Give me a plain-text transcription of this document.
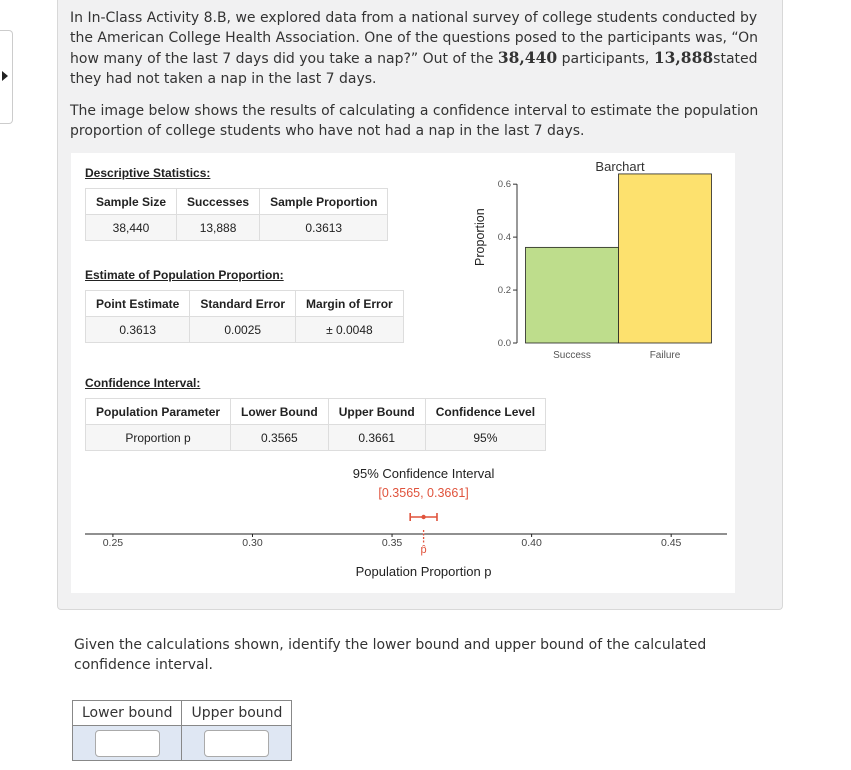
In In-Class Activity 8.B, we explored data from a national survey of college students conducted by the American College Health Association. One of the questions posed to the participants was, “On how many of the last 7 days did you take a nap?” Out of the 38,440 participants, 13,888stated they had not taken a nap in the last 7 days.

The image below shows the results of calculating a confidence interval to estimate the population proportion of college students who have not had a nap in the last 7 days.

Descriptive Statistics:
Sample Size	Successes	Sample Proportion
38,440	13,888	0.3613
Estimate of Population Proportion:
Point Estimate	Standard Error	Margin of Error
0.3613	0.0025	± 0.0048
Confidence Interval:
Population Parameter	Lower Bound	Upper Bound	Confidence Level
Proportion p	0.3565	0.3661	95%
Barchart
0.0
0.2
0.4
0.6
Proportion
Success	Failure
0.25	0.30	0.35	0.40	0.45
95% Confidence Interval
[0.3565, 0.3661]
p̂
Population Proportion p

Given the calculations shown, identify the lower bound and upper bound of the calculated confidence interval.

Lower bound	Upper bound
